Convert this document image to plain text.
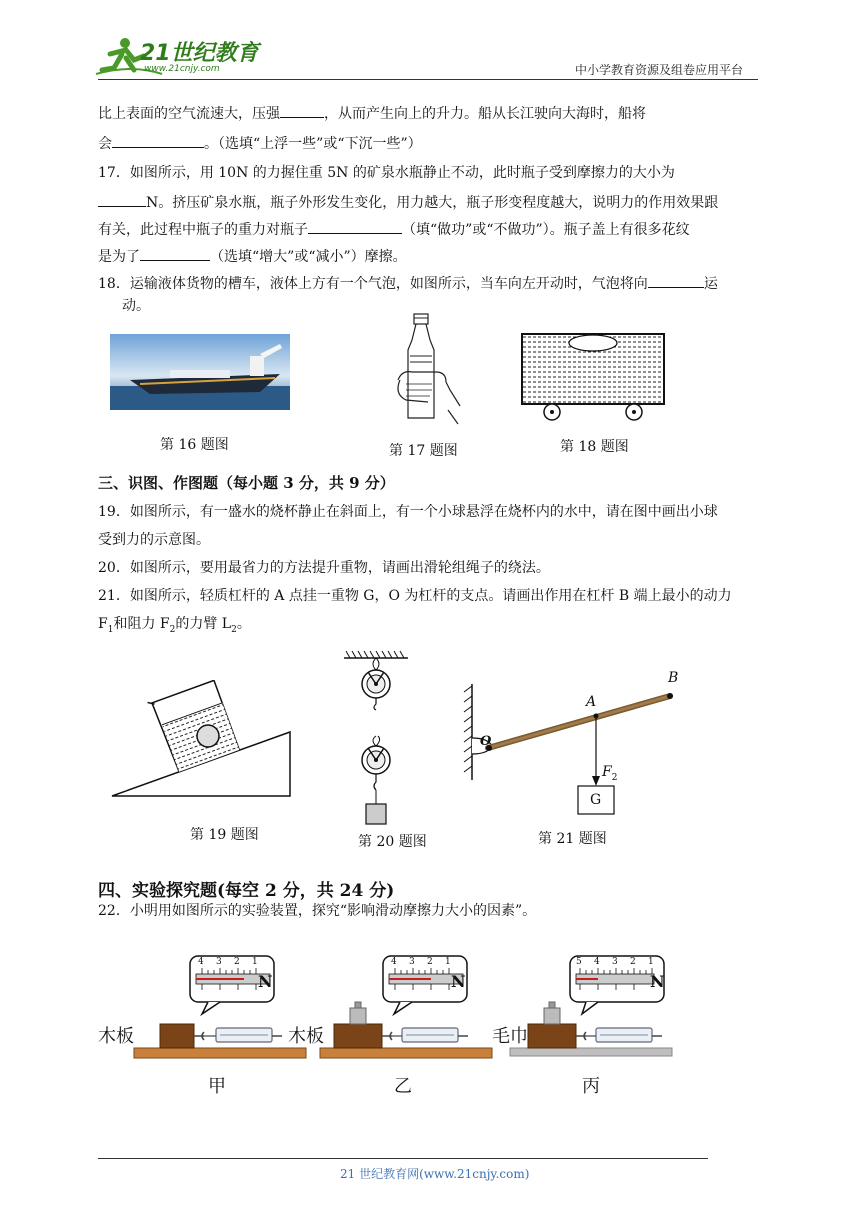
21世纪教育
www.21cnjy.com	中小学教育资源及组卷应用平台
比上表面的空气流速大，压强	，从而产生向上的升力。船从长江驶向大海时，船将
会	。（选填“上浮一些”或“下沉一些”）
17．如图所示，用 10N 的力握住重 5N 的矿泉水瓶静止不动，此时瓶子受到摩擦力的大小为
N。挤压矿泉水瓶，瓶子外形发生变化，用力越大，瓶子形变程度越大，说明力的作用效果跟
有关，此过程中瓶子的重力对瓶子	（填“做功”或“不做功”）。瓶子盖上有很多花纹
是为了	（选填“增大”或“减小”）摩擦。
18．运输液体货物的槽车，液体上方有一个气泡，如图所示，当车向左开动时，气泡将向	运
动。
第 16 题图	第 17 题图	第 18 题图
三、识图、作图题（每小题 3 分，共 9 分）
19．如图所示，有一盛水的烧杯静止在斜面上，有一个小球悬浮在烧杯内的水中，请在图中画出小球
受到力的示意图。
20．如图所示，要用最省力的方法提升重物，请画出滑轮组绳子的绕法。
21．如图所示，轻质杠杆的 A 点挂一重物 G，O 为杠杆的支点。请画出作用在杠杆 B 端上最小的动力
$F_1$和阻力 $F_2$的力臂 $L_2$。
O
A
B
$F_2$
G
第 19 题图	第 20 题图	第 21 题图
四、实验探究题(每空 2 分，共 24 分)
22．小明用如图所示的实验装置，探究“影响滑动摩擦力大小的因素”。
4 3 2 1	4 3 2 1	5 4 3 2 1
N	N	N
木板	木板	毛巾
甲	乙	丙
21 世纪教育网(www.21cnjy.com)
